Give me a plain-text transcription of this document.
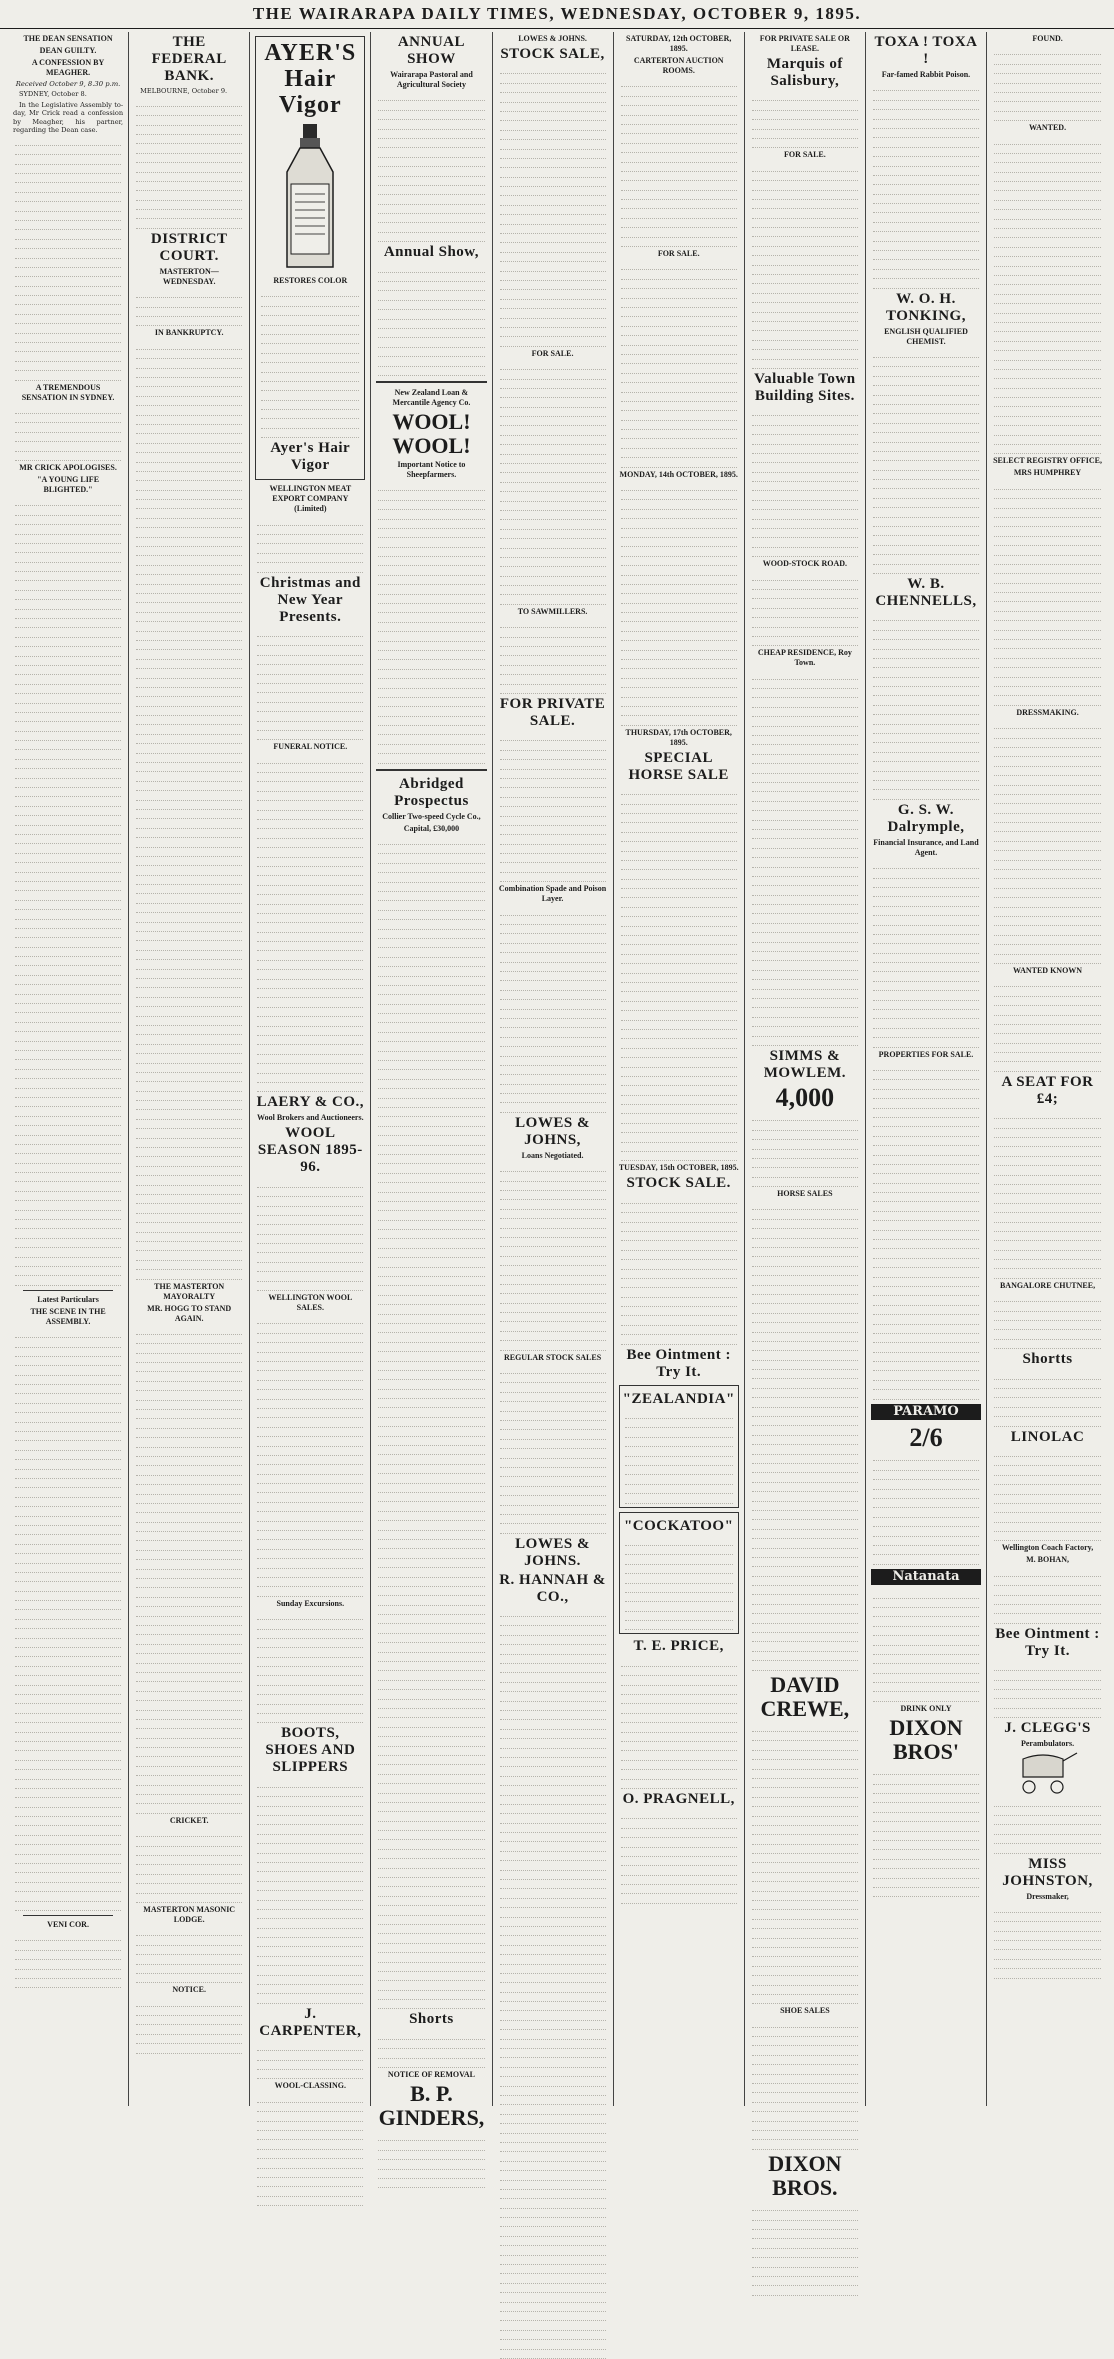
THE WAIRARAPA DAILY TIMES, WEDNESDAY, OCTOBER 9, 1895.
THE DEAN SENSATION
DEAN GUILTY.
A CONFESSION BY MEAGHER.
Received October 9, 8.30 p.m.
SYDNEY, October 8.
In the Legislative Assembly to-day, Mr Crick read a confession by Meagher, his partner, regarding the Dean case.
A TREMENDOUS SENSATION IN SYDNEY.
MR CRICK APOLOGISES.
"A YOUNG LIFE BLIGHTED."
Latest Particulars
THE SCENE IN THE ASSEMBLY.
VENI COR.
THE FEDERAL BANK.
MELBOURNE, October 9.
DISTRICT COURT.
MASTERTON—WEDNESDAY.
IN BANKRUPTCY.
THE MASTERTON MAYORALTY
MR. HOGG TO STAND AGAIN.
CRICKET.
MASTERTON MASONIC LODGE.
NOTICE.
AYER'S
Hair Vigor
RESTORES COLOR
Ayer's Hair Vigor
WELLINGTON MEAT EXPORT COMPANY (Limited)
Christmas and New Year Presents.
FUNERAL NOTICE.
LAERY & CO.,
Wool Brokers and Auctioneers.
WOOL SEASON 1895-96.
WELLINGTON WOOL SALES.
Sunday Excursions.
BOOTS, SHOES AND SLIPPERS
J. CARPENTER,
WOOL-CLASSING.
ANNUAL SHOW
Wairarapa Pastoral and Agricultural Society
Annual Show,
New Zealand Loan & Mercantile Agency Co.
WOOL! WOOL!
Important Notice to Sheepfarmers.
Abridged Prospectus
Collier Two-speed Cycle Co.,
Capital, £30,000
Shorts
NOTICE OF REMOVAL
B. P. GINDERS,
LOWES & JOHNS.
STOCK SALE,
FOR SALE.
TO SAWMILLERS.
FOR PRIVATE SALE.
Combination Spade and Poison Layer.
LOWES & JOHNS,
Loans Negotiated.
REGULAR STOCK SALES
LOWES & JOHNS.
R. HANNAH & CO.,
SATURDAY, 12th OCTOBER, 1895.
CARTERTON AUCTION ROOMS.
FOR SALE.
MONDAY, 14th OCTOBER, 1895.
THURSDAY, 17th OCTOBER, 1895.
SPECIAL HORSE SALE
TUESDAY, 15th OCTOBER, 1895.
STOCK SALE.
Bee Ointment : Try It.
"ZEALANDIA"
"COCKATOO"
T. E. PRICE,
O. PRAGNELL,
FOR PRIVATE SALE OR LEASE.
Marquis of Salisbury,
FOR SALE.
Valuable Town Building Sites.
WOOD-STOCK ROAD.
CHEAP RESIDENCE, Roy Town.
SIMMS & MOWLEM.
4,000
HORSE SALES
DAVID CREWE,
SHOE SALES
DIXON BROS.
TOXA ! TOXA !
Far-famed Rabbit Poison.
W. O. H. TONKING,
ENGLISH QUALIFIED CHEMIST.
W. B. CHENNELLS,
G. S. W. Dalrymple,
Financial Insurance, and Land Agent.
PROPERTIES FOR SALE.
PARAMO
2/6
Natanata
DRINK ONLY
DIXON BROS'
FOUND.
WANTED.
SELECT REGISTRY OFFICE,
MRS HUMPHREY
DRESSMAKING.
WANTED KNOWN
A SEAT FOR £4;
BANGALORE CHUTNEE,
Shortts
LINOLAC
Wellington Coach Factory,
M. BOHAN,
Bee Ointment : Try It.
J. CLEGG'S
Perambulators.
MISS JOHNSTON,
Dressmaker,
